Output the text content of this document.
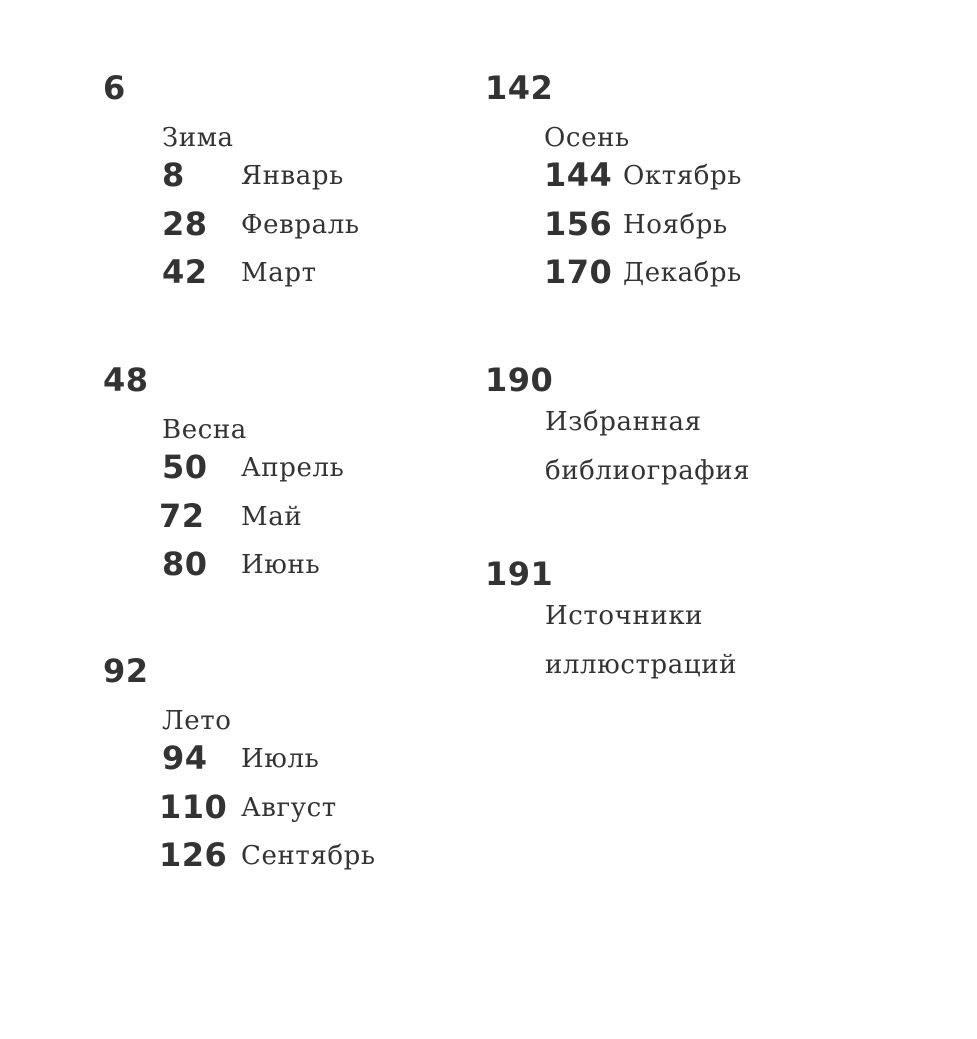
6
Зима
8 Январь
28 Февраль
42 Март
48
Весна
50 Апрель
72 Май
80 Июнь
92
Лето
94 Июль
110 Август
126 Сентябрь
142
Осень
144 Октябрь
156 Ноябрь
170 Декабрь
190
Избранная
библиография
191
Источники
иллюстраций
